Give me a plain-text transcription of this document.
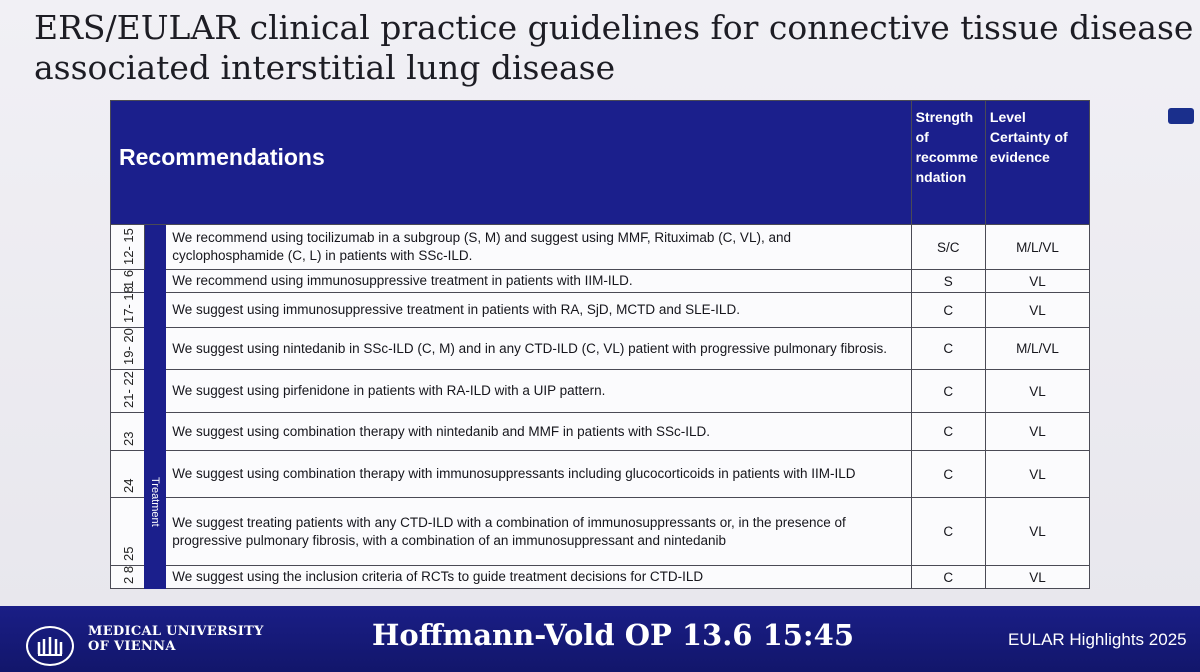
ERS/EULAR clinical practice guidelines for connective tissue disease associated interstitial lung disease
Recommendations			Strength of recomme ndation	Level Certainty of evidence

12- 15	Treatment	We recommend using tocilizumab in a subgroup (S, M) and suggest using MMF, Rituximab (C, VL), and cyclophosphamide (C, L) in patients with SSc-ILD.	S/C	M/L/VL

1 6		We recommend using immunosuppressive treatment in patients with IIM-ILD.	S	VL

17- 18		We suggest using immunosuppressive treatment in patients with RA, SjD, MCTD and SLE-ILD.	C	VL

19- 20		We suggest using nintedanib in SSc-ILD (C, M) and in any CTD-ILD (C, VL) patient with progressive pulmonary fibrosis.	C	M/L/VL

21- 22		We suggest using pirfenidone in patients with RA-ILD with a UIP pattern.	C	VL

23		We suggest using combination therapy with nintedanib and MMF in patients with SSc-ILD.	C	VL

24		We suggest using combination therapy with immunosuppressants including glucocorticoids in patients with IIM-ILD	C	VL

25		We suggest treating patients with any CTD-ILD with a combination of immunosuppressants or, in the presence of progressive pulmonary fibrosis, with a combination of an immunosuppressant and nintedanib	C	VL

2 8		We suggest using the inclusion criteria of RCTs to guide treatment decisions for CTD-ILD	C	VL
MEDICAL UNIVERSITY
OF VIENNA	Hoffmann-Vold OP 13.6 15:45	EULAR Highlights 2025
